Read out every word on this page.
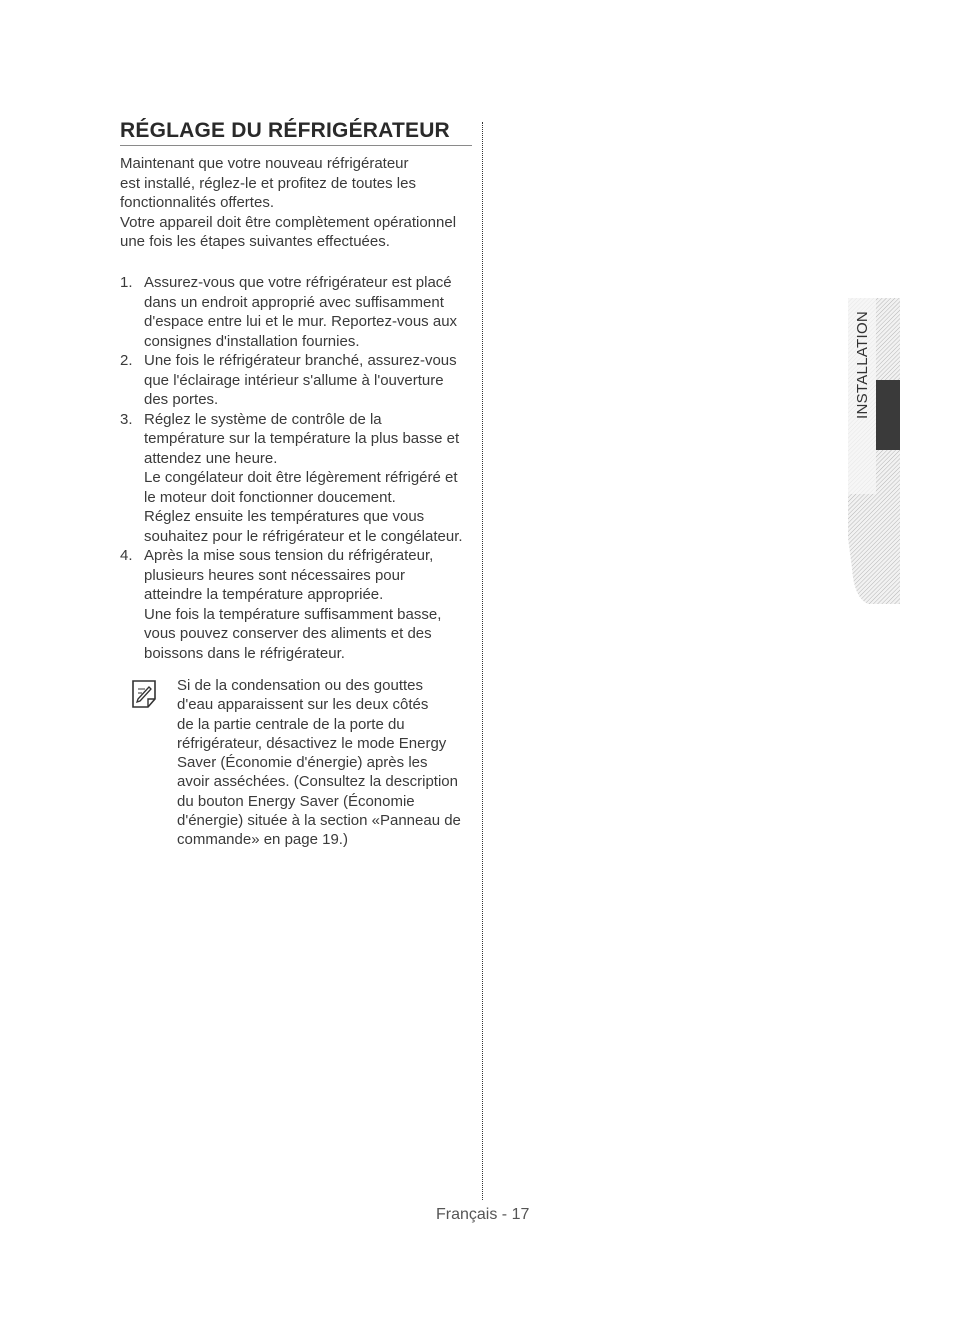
RÉGLAGE DU RÉFRIGÉRATEUR

Maintenant que votre nouveau réfrigérateur

est installé, réglez-le et profitez de toutes les

fonctionnalités offertes.

Votre appareil doit être complètement opérationnel

une fois les étapes suivantes effectuées.

1. Assurez-vous que votre réfrigérateur est placé
dans un endroit approprié avec suffisamment
d'espace entre lui et le mur. Reportez-vous aux
consignes d'installation fournies.
2. Une fois le réfrigérateur branché, assurez-vous
que l'éclairage intérieur s'allume à l'ouverture
des portes.
3. Réglez le système de contrôle de la
température sur la température la plus basse et
attendez une heure.
Le congélateur doit être légèrement réfrigéré et
le moteur doit fonctionner doucement.
Réglez ensuite les températures que vous
souhaitez pour le réfrigérateur et le congélateur.
4. Après la mise sous tension du réfrigérateur,
plusieurs heures sont nécessaires pour
atteindre la température appropriée.
Une fois la température suffisamment basse,
vous pouvez conserver des aliments et des
boissons dans le réfrigérateur.
Si de la condensation ou des gouttes
d'eau apparaissent sur les deux côtés
de la partie centrale de la porte du
réfrigérateur, désactivez le mode Energy
Saver (Économie d'énergie) après les
avoir asséchées. (Consultez la description
du bouton Energy Saver (Économie
d'énergie) située à la section «Panneau de
commande» en page 19.)
INSTALLATION
Français - 17
